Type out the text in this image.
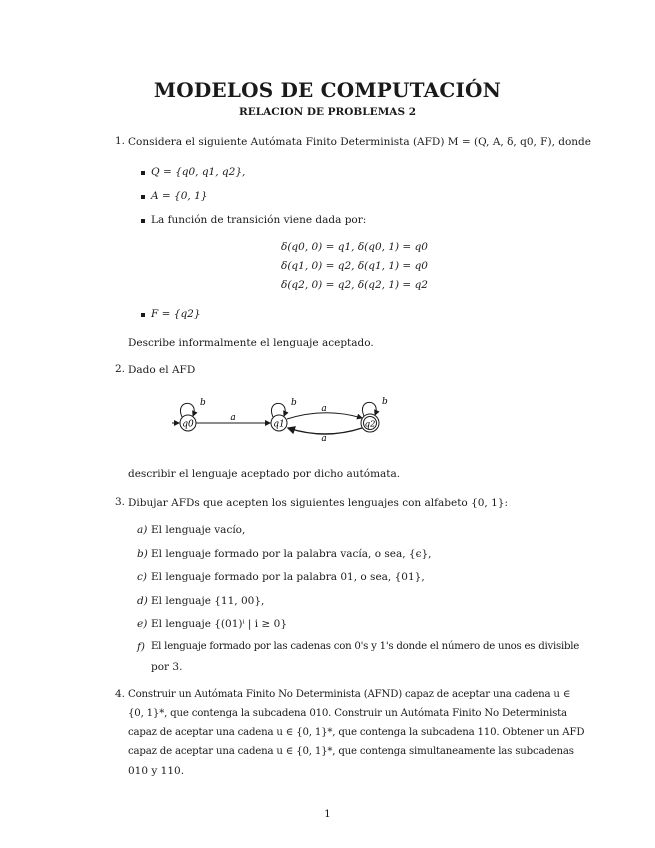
MODELOS DE COMPUTACIÓN
RELACION DE PROBLEMAS 2
1. Considera el siguiente Autómata Finito Determinista (AFD) M = (Q, A, δ, q0, F), donde
Q = {q0, q1, q2},
A = {0, 1}
La función de transición viene dada por:
δ(q0, 0) = q1, δ(q0, 1) = q0
δ(q1, 0) = q2, δ(q1, 1) = q0
δ(q2, 0) = q2, δ(q2, 1) = q2
F = {q2}
Describe informalmente el lenguaje aceptado.
2. Dado el AFD
q0
b
a
q1
b
a
a
q2
b
describir el lenguaje aceptado por dicho autómata.
3. Dibujar AFDs que acepten los siguientes lenguajes con alfabeto {0, 1}:
a) El lenguaje vacío,
b) El lenguaje formado por la palabra vacía, o sea, {ϵ},
c) El lenguaje formado por la palabra 01, o sea, {01},
d) El lenguaje {11, 00},
e) El lenguaje {(01)ⁱ | i ≥ 0}
f) El lenguaje formado por las cadenas con 0's y 1's donde el número de unos es divisible
por 3.
4. Construir un Autómata Finito No Determinista (AFND) capaz de aceptar una cadena u ∈
{0, 1}*, que contenga la subcadena 010. Construir un Autómata Finito No Determinista
capaz de aceptar una cadena u ∈ {0, 1}*, que contenga la subcadena 110. Obtener un AFD
capaz de aceptar una cadena u ∈ {0, 1}*, que contenga simultaneamente las subcadenas
010 y 110.
1
